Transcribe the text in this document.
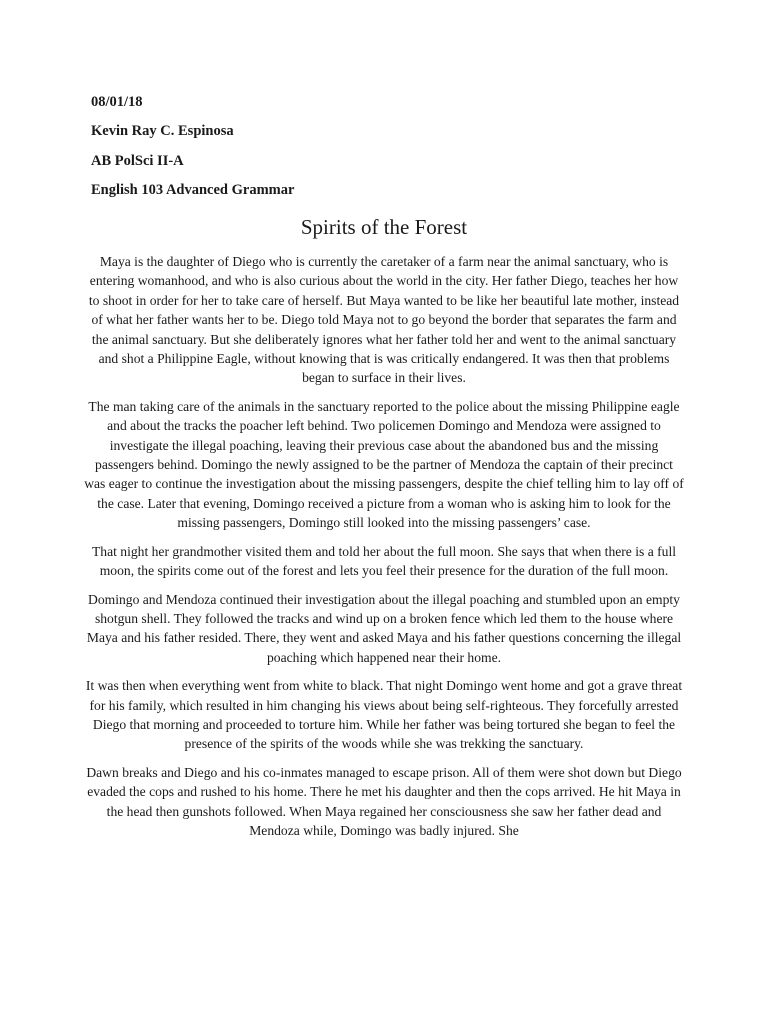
08/01/18
Kevin Ray C. Espinosa
AB PolSci II-A
English 103 Advanced Grammar
Spirits of the Forest

Maya is the daughter of Diego who is currently the caretaker of a farm near the animal sanctuary, who is entering womanhood, and who is also curious about the world in the city. Her father Diego, teaches her how to shoot in order for her to take care of herself. But Maya wanted to be like her beautiful late mother, instead of what her father wants her to be. Diego told Maya not to go beyond the border that separates the farm and the animal sanctuary. But she deliberately ignores what her father told her and went to the animal sanctuary and shot a Philippine Eagle, without knowing that is was critically endangered. It was then that problems began to surface in their lives.

The man taking care of the animals in the sanctuary reported to the police about the missing Philippine eagle and about the tracks the poacher left behind. Two policemen Domingo and Mendoza were assigned to investigate the illegal poaching, leaving their previous case about the abandoned bus and the missing passengers behind. Domingo the newly assigned to be the partner of Mendoza the captain of their precinct was eager to continue the investigation about the missing passengers, despite the chief telling him to lay off of the case. Later that evening, Domingo received a picture from a woman who is asking him to look for the missing passengers, Domingo still looked into the missing passengers’ case.

That night her grandmother visited them and told her about the full moon. She says that when there is a full moon, the spirits come out of the forest and lets you feel their presence for the duration of the full moon.

Domingo and Mendoza continued their investigation about the illegal poaching and stumbled upon an empty shotgun shell. They followed the tracks and wind up on a broken fence which led them to the house where Maya and his father resided. There, they went and asked Maya and his father questions concerning the illegal poaching which happened near their home.

It was then when everything went from white to black. That night Domingo went home and got a grave threat for his family, which resulted in him changing his views about being self-righteous. They forcefully arrested Diego that morning and proceeded to torture him. While her father was being tortured she began to feel the presence of the spirits of the woods while she was trekking the sanctuary.

Dawn breaks and Diego and his co-inmates managed to escape prison. All of them were shot down but Diego evaded the cops and rushed to his home. There he met his daughter and then the cops arrived. He hit Maya in the head then gunshots followed. When Maya regained her consciousness she saw her father dead and Mendoza while, Domingo was badly injured. She
